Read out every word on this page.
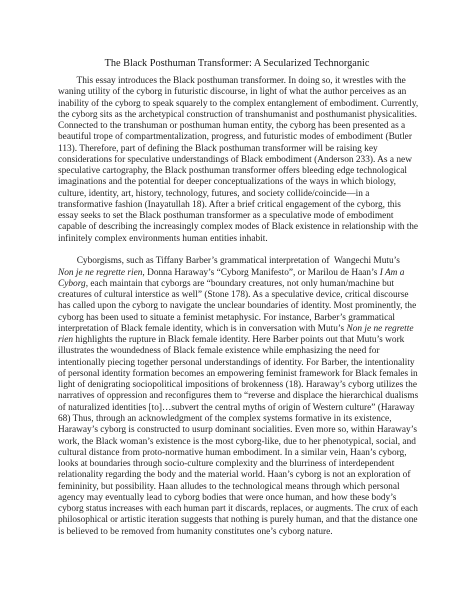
The Black Posthuman Transformer: A Secularized Technorganic
This essay introduces the Black posthuman transformer. In doing so, it wrestles with the
waning utility of the cyborg in futuristic discourse, in light of what the author perceives as an
inability of the cyborg to speak squarely to the complex entanglement of embodiment. Currently,
the cyborg sits as the archetypical construction of transhumanist and posthumanist physicalities.
Connected to the transhuman or posthuman human entity, the cyborg has been presented as a
beautiful trope of compartmentalization, progress, and futuristic modes of embodiment (Butler
113). Therefore, part of defining the Black posthuman transformer will be raising key
considerations for speculative understandings of Black embodiment (Anderson 233). As a new
speculative cartography, the Black posthuman transformer offers bleeding edge technological
imaginations and the potential for deeper conceptualizations of the ways in which biology,
culture, identity, art, history, technology, futures, and society collide/coincide—in a
transformative fashion (Inayatullah 18). After a brief critical engagement of the cyborg, this
essay seeks to set the Black posthuman transformer as a speculative mode of embodiment
capable of describing the increasingly complex modes of Black existence in relationship with the
infinitely complex environments human entities inhabit.
Cyborgisms, such as Tiffany Barber’s grammatical interpretation of  Wangechi Mutu’s
Non je ne regrette rien, Donna Haraway’s “Cyborg Manifesto”, or Marilou de Haan’s I Am a
Cyborg, each maintain that cyborgs are “boundary creatures, not only human/machine but
creatures of cultural interstice as well” (Stone 178). As a speculative device, critical discourse
has called upon the cyborg to navigate the unclear boundaries of identity. Most prominently, the
cyborg has been used to situate a feminist metaphysic. For instance, Barber’s grammatical
interpretation of Black female identity, which is in conversation with Mutu’s Non je ne regrette
rien highlights the rupture in Black female identity. Here Barber points out that Mutu’s work
illustrates the woundedness of Black female existence while emphasizing the need for
intentionally piecing together personal understandings of identity. For Barber, the intentionality
of personal identity formation becomes an empowering feminist framework for Black females in
light of denigrating sociopolitical impositions of brokenness (18). Haraway’s cyborg utilizes the
narratives of oppression and reconfigures them to “reverse and displace the hierarchical dualisms
of naturalized identities [to]…subvert the central myths of origin of Western culture” (Haraway
68) Thus, through an acknowledgment of the complex systems formative in its existence,
Haraway’s cyborg is constructed to usurp dominant socialities. Even more so, within Haraway’s
work, the Black woman’s existence is the most cyborg-like, due to her phenotypical, social, and
cultural distance from proto-normative human embodiment. In a similar vein, Haan’s cyborg,
looks at boundaries through socio-culture complexity and the blurriness of interdependent
relationality regarding the body and the material world. Haan’s cyborg is not an exploration of
femininity, but possibility. Haan alludes to the technological means through which personal
agency may eventually lead to cyborg bodies that were once human, and how these body’s
cyborg status increases with each human part it discards, replaces, or augments. The crux of each
philosophical or artistic iteration suggests that nothing is purely human, and that the distance one
is believed to be removed from humanity constitutes one’s cyborg nature.
